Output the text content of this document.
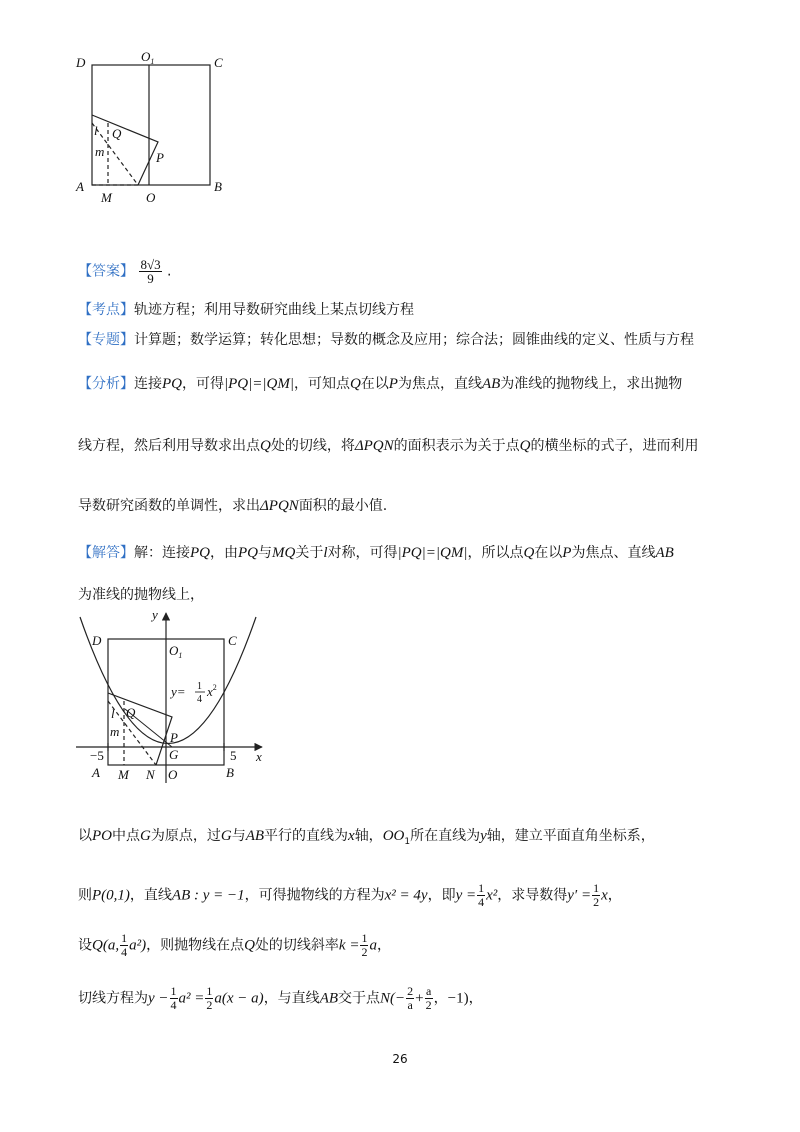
D	$O_1$	C
l Q
P
m
A
M	O
B
【答案】 $\frac{8√3}{9}$ .
【考点】轨迹方程；利用导数研究曲线上某点切线方程
【专题】计算题；数学运算；转化思想；导数的概念及应用；综合法；圆锥曲线的定义、性质与方程
【分析】连接PQ，可得|PQ|=|QM|，可知点Q在以P为焦点，直线AB为准线的抛物线上，求出抛物
线方程，然后利用导数求出点Q处的切线，将ΔPQN的面积表示为关于点Q的横坐标的式子，进而利用
导数研究函数的单调性，求出ΔPQN面积的最小值.
【解答】解：连接PQ，由PQ与MQ关于l对称，可得|PQ|=|QM|，所以点Q在以P为焦点、直线AB
为准线的抛物线上，
y
D	C
$O_1$
y= 1 $4x^2$
l Q
m	P
G
−5	5 x
A M N O	B
以PO中点G为原点，过G与AB平行的直线为x轴，$OO_1$所在直线为y轴，建立平面直角坐标系，
则P(0,1)，直线AB : y = −1，可得抛物线的方程为x² = 4y，即$y = \frac{1}{4} x^2$，求导数得$y' = \frac{1}{2}$ x，
设Q(a, $\frac{1}{4} a^2$)，则抛物线在点Q处的切线斜率$k = \frac{1}{2}$ a，
切线方程为$y - \frac{1}{4} a^2 = \frac{1}{2} a(x - a)$，与直线AB交于点$N(- \frac{2}{a} + \frac{a}{2}$ ，−1)，
26
